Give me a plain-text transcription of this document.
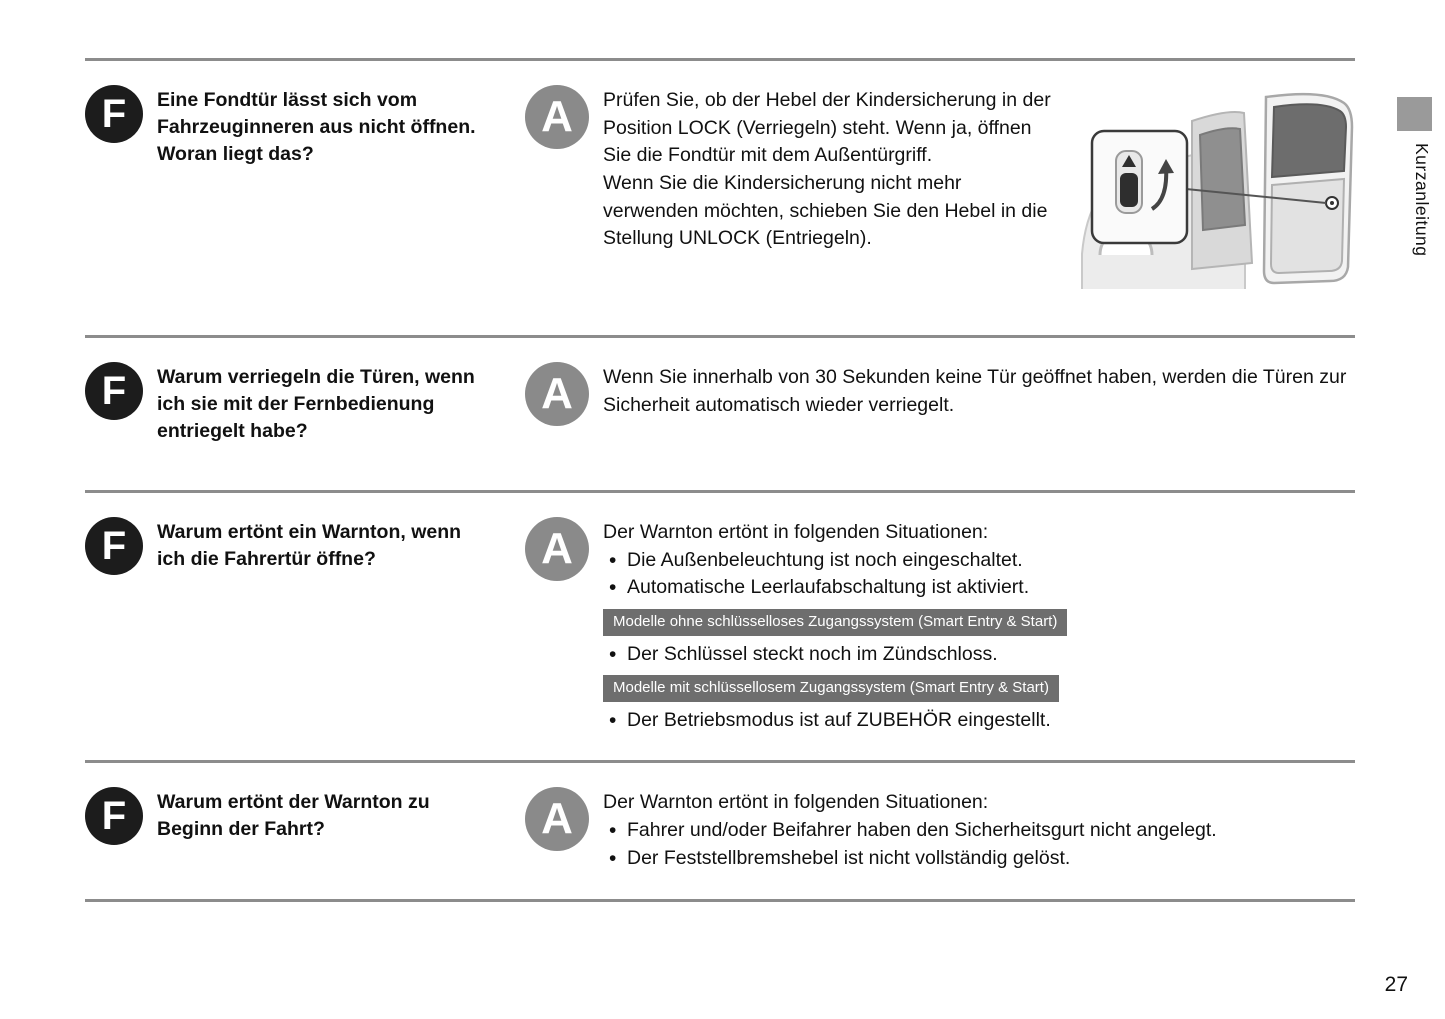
F Eine Fondtür lässt sich vom Fahrzeuginneren aus nicht öffnen. Woran liegt das?
A Prüfen Sie, ob der Hebel der Kindersicherung in der Position LOCK (Verriegeln) steht. Wenn ja, öffnen Sie die Fondtür mit dem Außentürgriff.

Wenn Sie die Kindersicherung nicht mehr verwenden möchten, schieben Sie den Hebel in die Stellung UNLOCK (Entriegeln).

F Warum verriegeln die Türen, wenn ich sie mit der Fernbedienung entriegelt habe?
A Wenn Sie innerhalb von 30 Sekunden keine Tür geöffnet haben, werden die Türen zur Sicherheit automatisch wieder verriegelt.

F Warum ertönt ein Warnton, wenn ich die Fahrertür öffne?	A Der Warnton ertönt in folgenden Situationen:

• Die Außenbeleuchtung ist noch eingeschaltet.
• Automatische Leerlaufabschaltung ist aktiviert.
Modelle ohne schlüsselloses Zugangssystem (Smart Entry & Start)
• Der Schlüssel steckt noch im Zündschloss.
Modelle mit schlüssellosem Zugangssystem (Smart Entry & Start)
• Der Betriebsmodus ist auf ZUBEHÖR eingestellt.
F Warum ertönt der Warnton zu Beginn der Fahrt?	A Der Warnton ertönt in folgenden Situationen:

• Fahrer und/oder Beifahrer haben den Sicherheitsgurt nicht angelegt.
• Der Feststellbremshebel ist nicht vollständig gelöst.
Kurzanleitung
27
